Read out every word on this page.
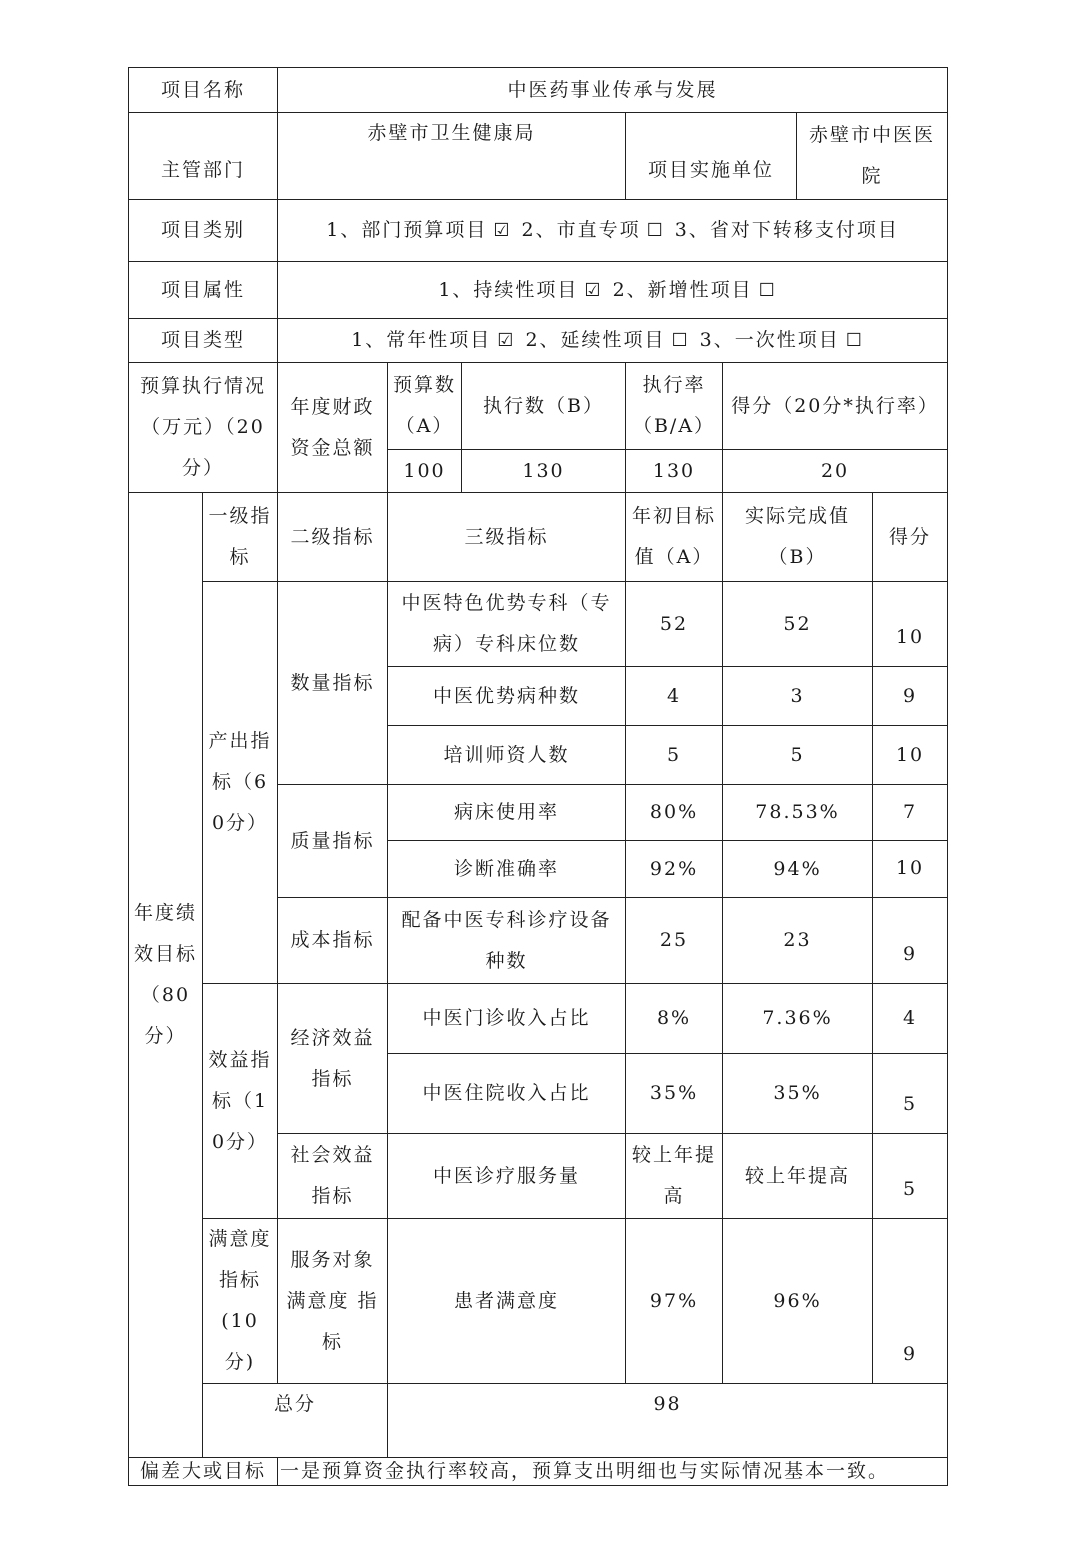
项目名称		中医药事业传承与发展						
主管部门		赤壁市卫生健康局			项目实施单位		赤壁市中医医院	
项目类别		1、部门预算项目 ☑ 2、市直专项 ☐ 3、省对下转移支付项目						
项目属性		1、持续性项目 ☑ 2、新增性项目 ☐						
项目类型		1、常年性项目 ☑ 2、延续性项目 ☐ 3、一次性项目 ☐						
预算执行情况（万元）（20分）		年度财政资金总额	预算数（A）	执行数（B）	执行率（B/A）	得分（20分*执行率）		
			100	130	130	20		
年度绩效目标（80分）	一级指标	二级指标	三级指标		年初目标值（A）	实际完成值（B）		得分
	产出指标（60分）	数量指标	中医特色优势专科（专病）专科床位数		52	52		10
			中医优势病种数		4	3		9
			培训师资人数		5	5		10
		质量指标	病床使用率		80%	78.53%		7
			诊断准确率		92%	94%		10
		成本指标	配备中医专科诊疗设备种数		25	23		9
	效益指标（10分）	经济效益指标	中医门诊收入占比		8%	7.36%		4
			中医住院收入占比		35%	35%		5
		社会效益指标	中医诊疗服务量		较上年提高	较上年提高		5
	满意度指标(10分)	服务对象满意度 指标	患者满意度		97%	96%		9
	总分		98					
偏差大或目标		一是预算资金执行率较高，预算支出明细也与实际情况基本一致。						
